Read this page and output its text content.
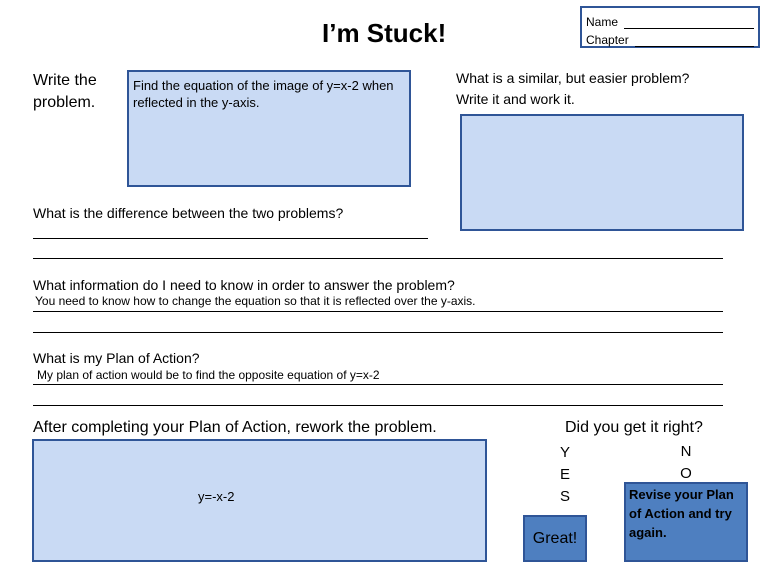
I’m Stuck!	Name
Chapter
Write the
problem.
Find the equation of the image of y=x-2 when reflected in the y-axis.
What is a similar, but easier problem?
Write it and work it.
What is the difference between the two problems?
What information do I need to know in order to answer the problem?
You need to know how to change the equation so that it is reflected over the y-axis.
What is my Plan of Action?
My plan of action would be to find the opposite equation of y=x-2
After completing your Plan of Action, rework the problem.
y=-x-2
Did you get it right?
Y
E
S
N
O
Great!
Revise your Plan of Action and try again.
